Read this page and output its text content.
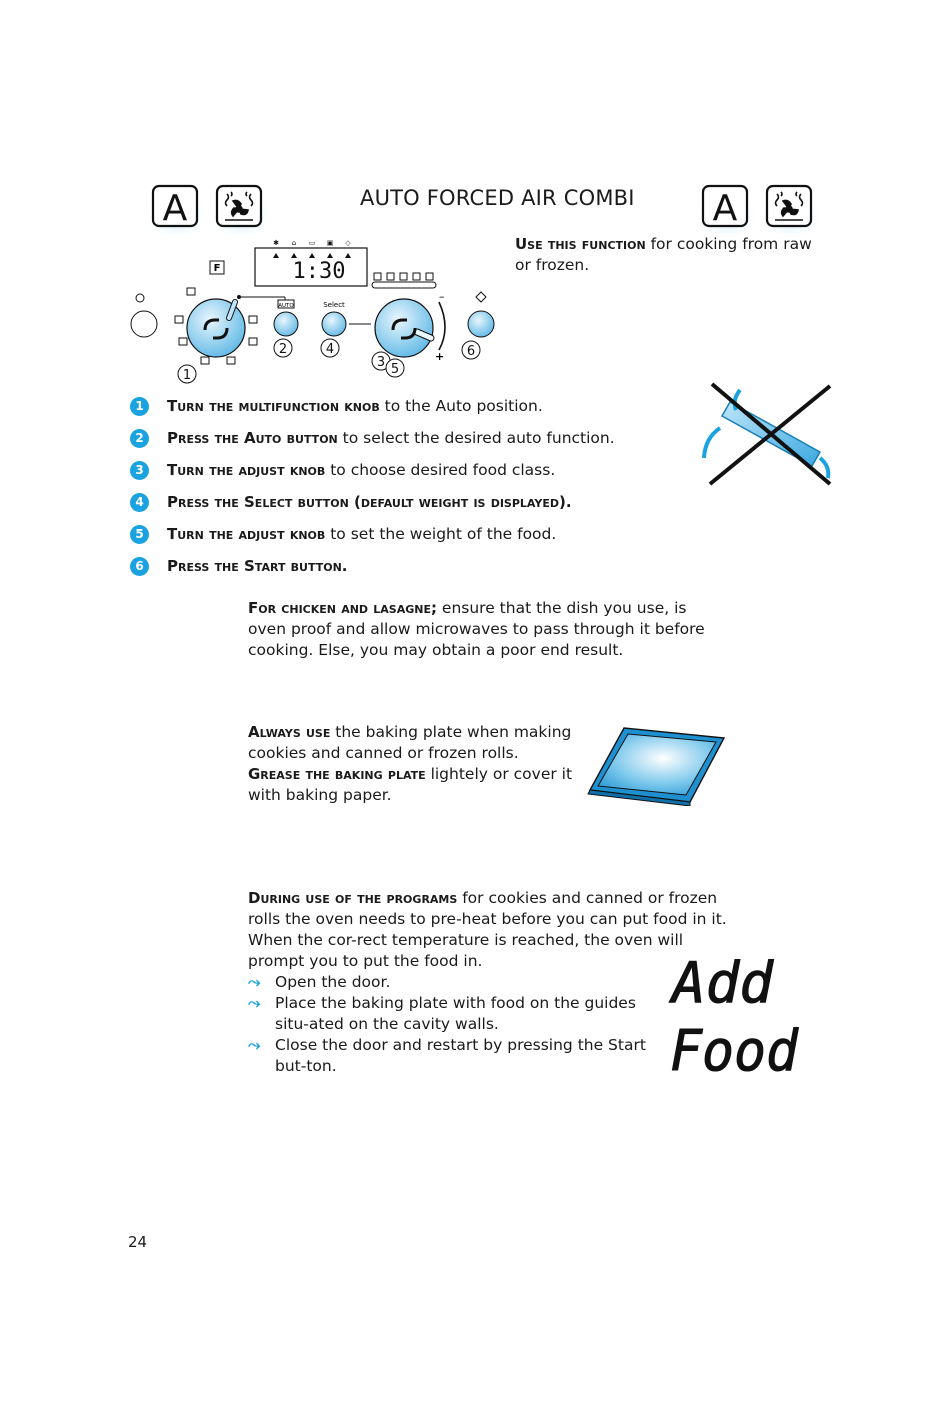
A	AUTO FORCED AIR COMBI A
Use this function for cooking from raw or frozen.
1:30
✱ ⌂ ▭ ▣ ◇
F
AUTO	Select
–
+
1
2
3
4
5
6
1	Turn the multifunction knob to the Auto position.
2	Press the Auto button to select the desired auto function.
3	Turn the adjust knob to choose desired food class.
4	Press the Select button (default weight is displayed).
5	Turn the adjust knob to set the weight of the food.
6	Press the Start button.
For chicken and lasagne; ensure that the dish you use, is oven proof and allow microwaves to pass through it before cooking. Else, you may obtain a poor end result.
Always use the baking plate when making cookies and canned or frozen rolls.
Grease the baking plate lightely or cover it with baking paper.
During use of the programs for cookies and canned or frozen rolls the oven needs to pre-heat before you can put food in it. When the cor-rect temperature is reached, the oven will prompt you to put the food in.
⤳ Open the door.
⤳ Place the baking plate with food on the guides situ-ated on the cavity walls.
⤳ Close the door and restart by pressing the Start but-ton.
Add
Food
24
